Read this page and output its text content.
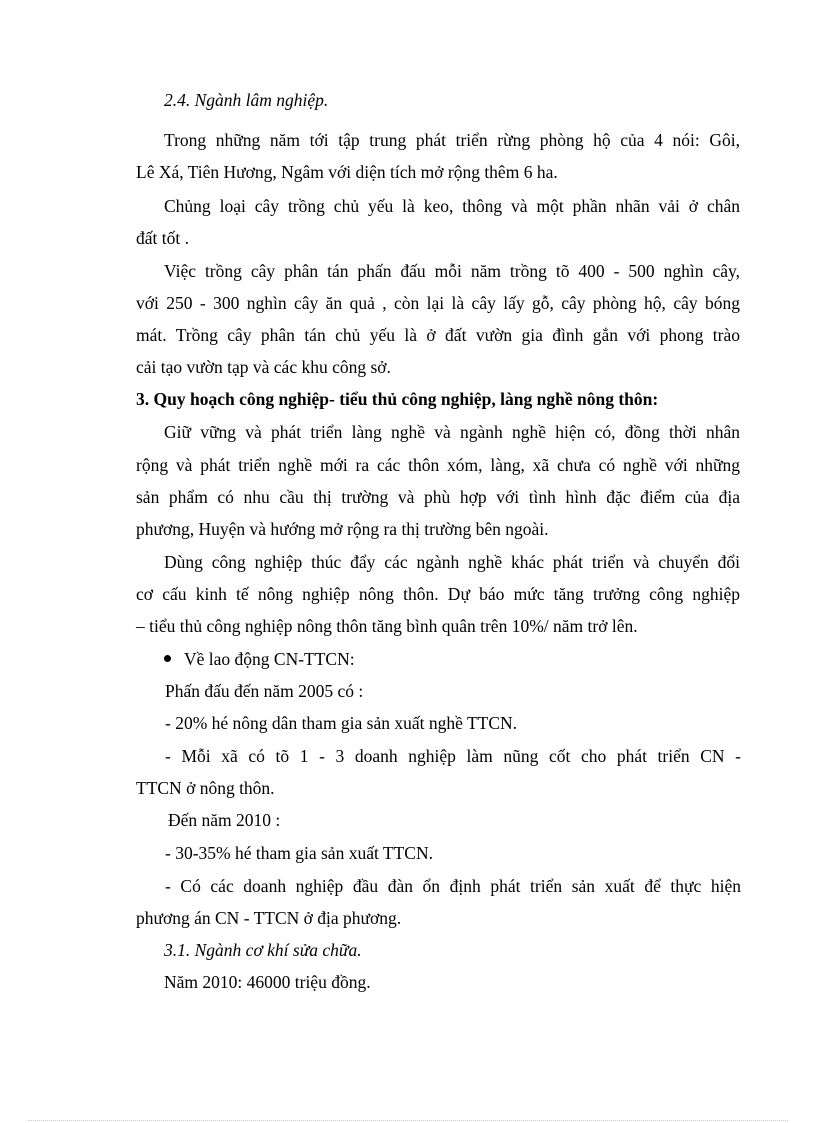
2.4. Ngành lâm nghiệp.
Trong những năm tới tập trung phát triển rừng phòng hộ của 4 nói: Gôi,
Lê Xá, Tiên Hương, Ngâm với diện tích mở rộng thêm 6 ha.
Chủng loại cây trồng chủ yếu là keo, thông và một phần nhãn vải ở chân
đất tốt .
Việc trồng cây phân tán phấn đấu mỗi năm trồng tõ 400 - 500 nghìn cây,
với 250 - 300 nghìn cây ăn quả , còn lại là cây lấy gỗ, cây phòng hộ, cây bóng
mát. Trồng cây phân tán chủ yếu là ở đất vườn gia đình gắn với phong trào
cải tạo vườn tạp và các khu công sở.
3. Quy hoạch công nghiệp- tiểu thủ công nghiệp, làng nghề nông thôn:
Giữ vững và phát triển làng nghề và ngành nghề hiện có, đồng thời nhân
rộng và phát triển nghề mới ra các thôn xóm, làng, xã chưa có nghề với những
sản phẩm có nhu cầu thị trường và phù hợp với tình hình đặc điểm của địa
phương, Huyện và hướng mở rộng ra thị trường bên ngoài.
Dùng công nghiệp thúc đẩy các ngành nghề khác phát triển và chuyển đổi
cơ cấu kinh tế nông nghiệp nông thôn. Dự báo mức tăng trưởng công nghiệp
– tiểu thủ công nghiệp nông thôn tăng bình quân trên 10%/ năm trở lên.
Về lao động CN-TTCN:
Phấn đấu đến năm 2005 có :
- 20% hé nông dân tham gia sản xuất nghề TTCN.
- Mỗi xã có tõ 1 - 3 doanh nghiệp làm nũng cốt cho phát triển CN -
TTCN ở nông thôn.
Đến năm 2010 :
- 30-35% hé tham gia sản xuất TTCN.
- Có các doanh nghiệp đầu đàn ổn định phát triển sản xuất để thực hiện
phương án CN - TTCN ở địa phương.
3.1. Ngành cơ khí sửa chữa.
Năm 2010: 46000 triệu đồng.
